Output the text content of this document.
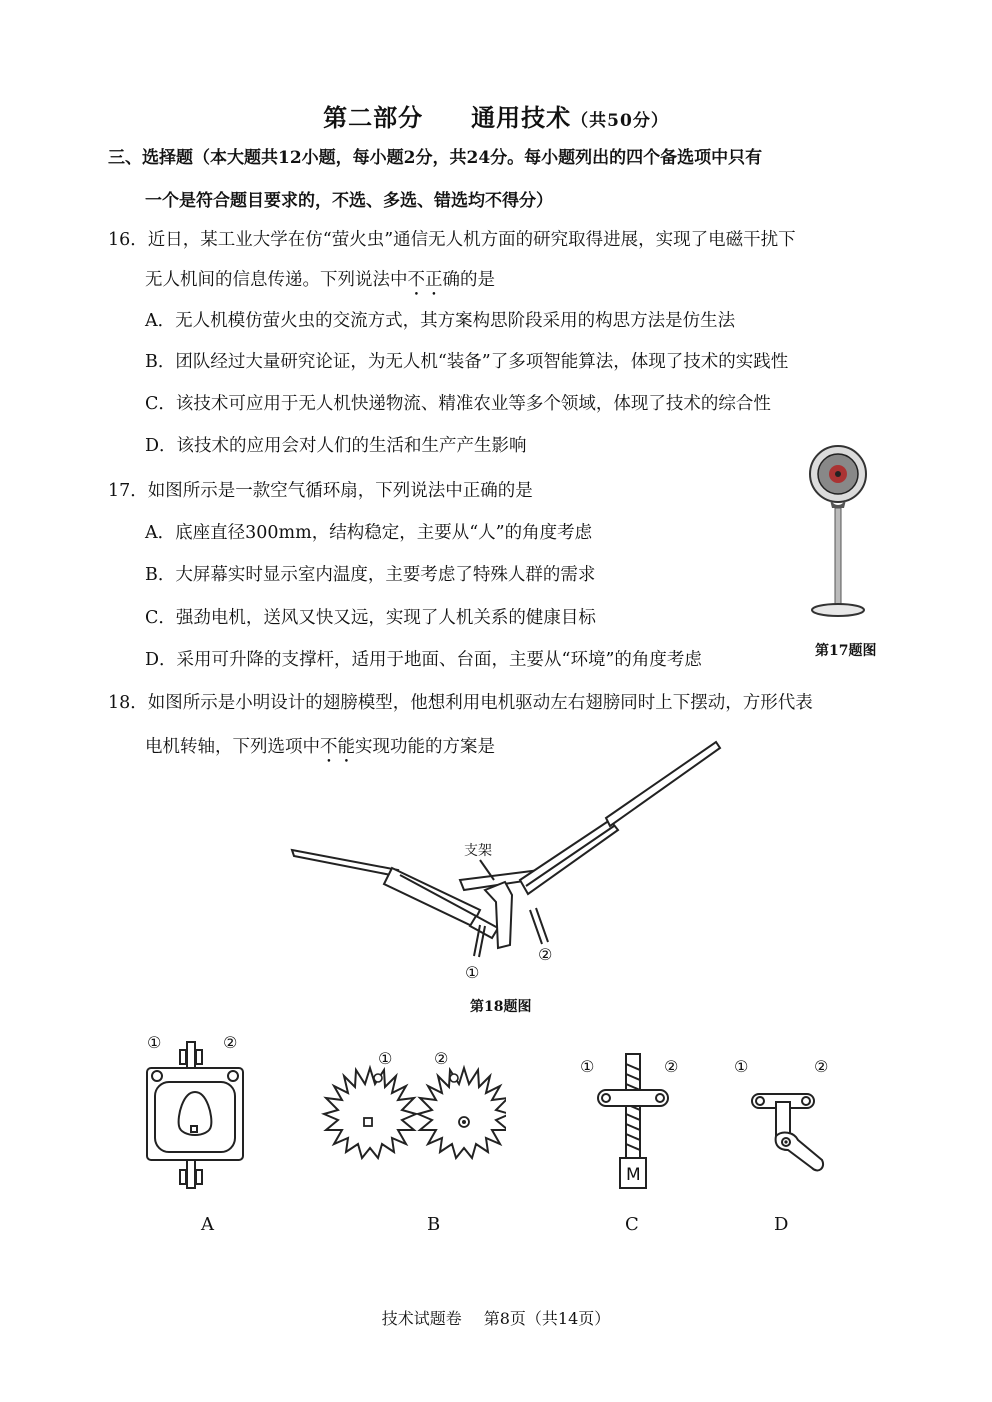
第二部分 通用技术（共50分）
三、选择题（本大题共12小题，每小题2分，共24分。每小题列出的四个备选项中只有
一个是符合题目要求的，不选、多选、错选均不得分）
16．近日，某工业大学在仿“萤火虫”通信无人机方面的研究取得进展，实现了电磁干扰下
无人机间的信息传递。下列说法中不正确的是
A．无人机模仿萤火虫的交流方式，其方案构思阶段采用的构思方法是仿生法
B．团队经过大量研究论证，为无人机“装备”了多项智能算法，体现了技术的实践性
C．该技术可应用于无人机快递物流、精准农业等多个领域，体现了技术的综合性
D．该技术的应用会对人们的生活和生产产生影响
17．如图所示是一款空气循环扇，下列说法中正确的是
A．底座直径300mm，结构稳定，主要从“人”的角度考虑
B．大屏幕实时显示室内温度，主要考虑了特殊人群的需求
C．强劲电机，送风又快又远，实现了人机关系的健康目标
D．采用可升降的支撑杆，适用于地面、台面，主要从“环境”的角度考虑	第17题图
18．如图所示是小明设计的翅膀模型，他想利用电机驱动左右翅膀同时上下摆动，方形代表
电机转轴，下列选项中不能实现功能的方案是
支架
①
②
第18题图
①	②
①	②
M
①	②	①	②
A	B	C	D
技术试题卷 第8页（共14页）
